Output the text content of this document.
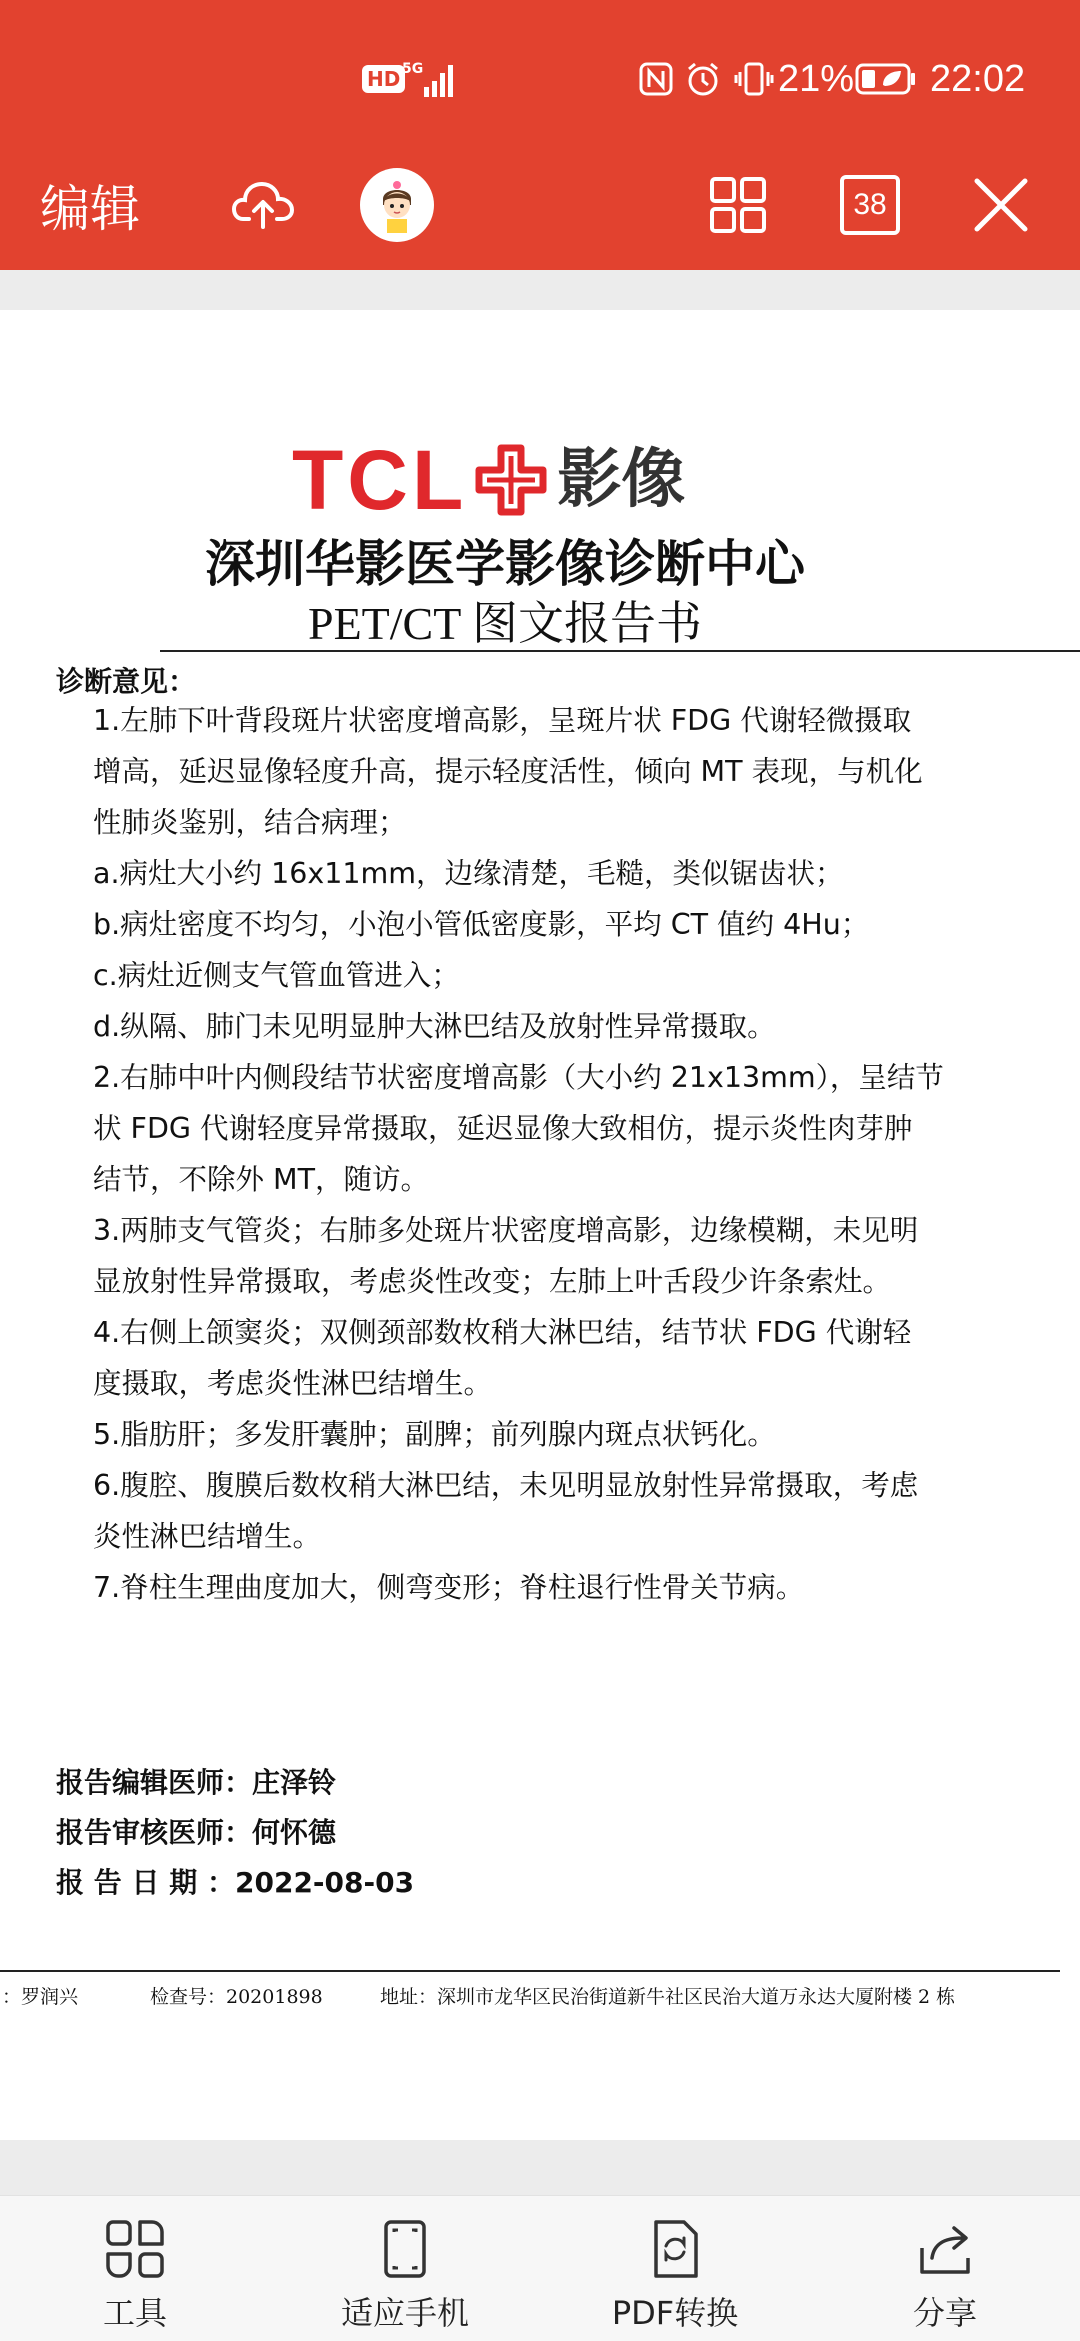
HD 5G	21% 22:02
编辑	38
TCL 影像
深圳华影医学影像诊断中心
PET/CT 图文报告书
诊断意见：
1.左肺下叶背段斑片状密度增高影，呈斑片状 FDG 代谢轻微摄取
增高，延迟显像轻度升高，提示轻度活性，倾向 MT 表现，与机化
性肺炎鉴别，结合病理；
a.病灶大小约 16x11mm，边缘清楚，毛糙，类似锯齿状；
b.病灶密度不均匀，小泡小管低密度影，平均 CT 值约 4Hu；
c.病灶近侧支气管血管进入；
d.纵隔、肺门未见明显肿大淋巴结及放射性异常摄取。
2.右肺中叶内侧段结节状密度增高影（大小约 21x13mm），呈结节
状 FDG 代谢轻度异常摄取，延迟显像大致相仿，提示炎性肉芽肿
结节，不除外 MT，随访。
3.两肺支气管炎；右肺多处斑片状密度增高影，边缘模糊，未见明
显放射性异常摄取，考虑炎性改变；左肺上叶舌段少许条索灶。
4.右侧上颌窦炎；双侧颈部数枚稍大淋巴结，结节状 FDG 代谢轻
度摄取，考虑炎性淋巴结增生。
5.脂肪肝；多发肝囊肿；副脾；前列腺内斑点状钙化。
6.腹腔、腹膜后数枚稍大淋巴结，未见明显放射性异常摄取，考虑
炎性淋巴结增生。
7.脊柱生理曲度加大，侧弯变形；脊柱退行性骨关节病。
报告编辑医师：庄泽铃
报告审核医师：何怀德
报 告 日 期 ：2022-08-03
：罗润兴	检查号：20201898	地址：深圳市龙华区民治街道新牛社区民治大道万永达大厦附楼 2 栋
工具	适应手机	PDF转换	分享
